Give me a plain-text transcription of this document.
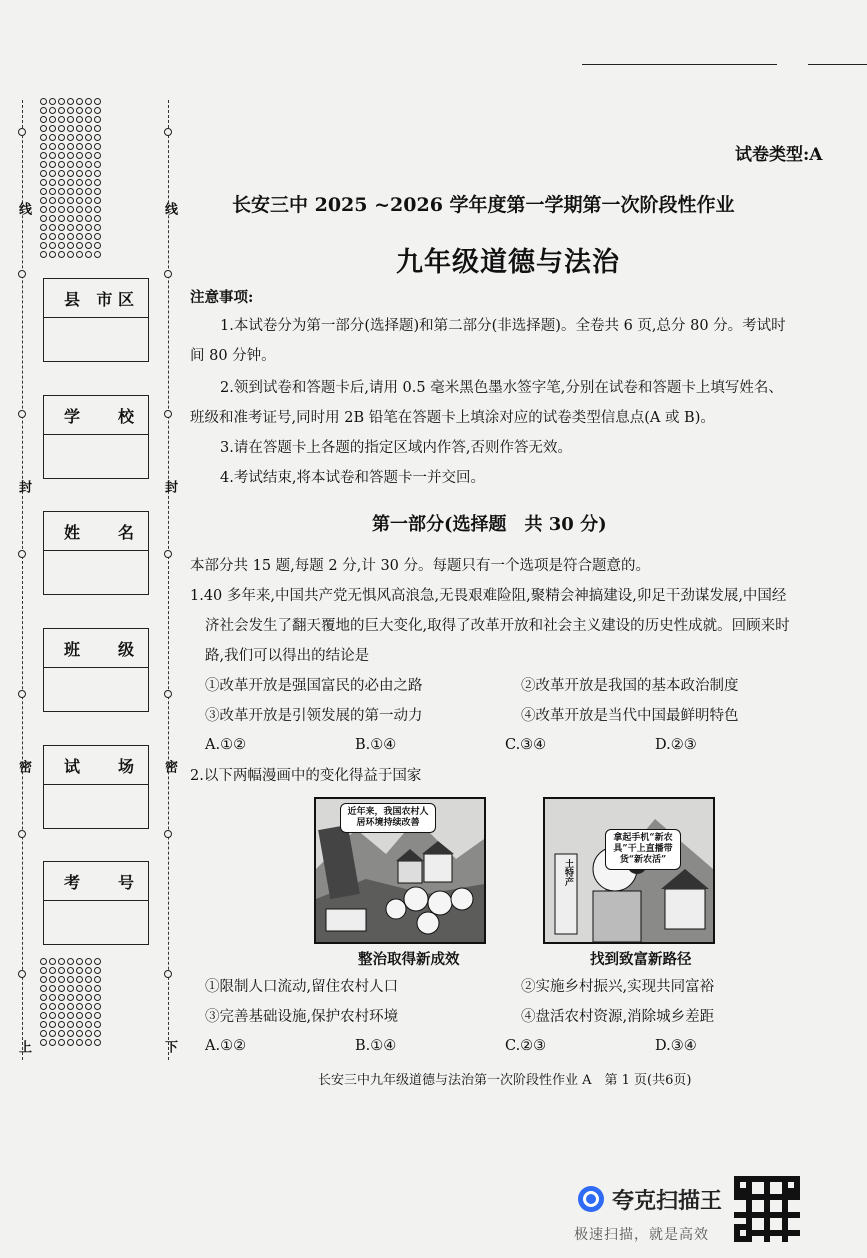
线
封
密
上
线
封
密
下
县 市 区
学 校
姓 名
班 级
试 场
考 号
试卷类型:A
长安三中 2025 ~2026 学年度第一学期第一次阶段性作业
九年级道德与法治
注意事项:
1.本试卷分为第一部分(选择题)和第二部分(非选择题)。全卷共 6 页,总分 80 分。考试时
间 80 分钟。
2.领到试卷和答题卡后,请用 0.5 毫米黑色墨水签字笔,分别在试卷和答题卡上填写姓名、
班级和准考证号,同时用 2B 铅笔在答题卡上填涂对应的试卷类型信息点(A 或 B)。
3.请在答题卡上各题的指定区域内作答,否则作答无效。
4.考试结束,将本试卷和答题卡一并交回。
第一部分(选择题　共 30 分)
本部分共 15 题,每题 2 分,计 30 分。每题只有一个选项是符合题意的。
1.40 多年来,中国共产党无惧风高浪急,无畏艰难险阻,聚精会神搞建设,卯足干劲谋发展,中国经
济社会发生了翻天覆地的巨大变化,取得了改革开放和社会主义建设的历史性成就。回顾来时
路,我们可以得出的结论是
①改革开放是强国富民的必由之路	②改革开放是我国的基本政治制度
③改革开放是引领发展的第一动力	④改革开放是当代中国最鲜明特色
A.①②	B.①④	C.③④	D.②③
2.以下两幅漫画中的变化得益于国家
近年来，我国农村人居环境持续改善
整治取得新成效
拿起手机“新农具”干上直播带货“新农活”
土特产
找到致富新路径
①限制人口流动,留住农村人口	②实施乡村振兴,实现共同富裕
③完善基础设施,保护农村环境	④盘活农村资源,消除城乡差距
A.①②	B.①④	C.②③	D.③④
长安三中九年级道德与法治第一次阶段性作业 A　第 1 页(共6页)
夸克扫描王
极速扫描，就是高效
